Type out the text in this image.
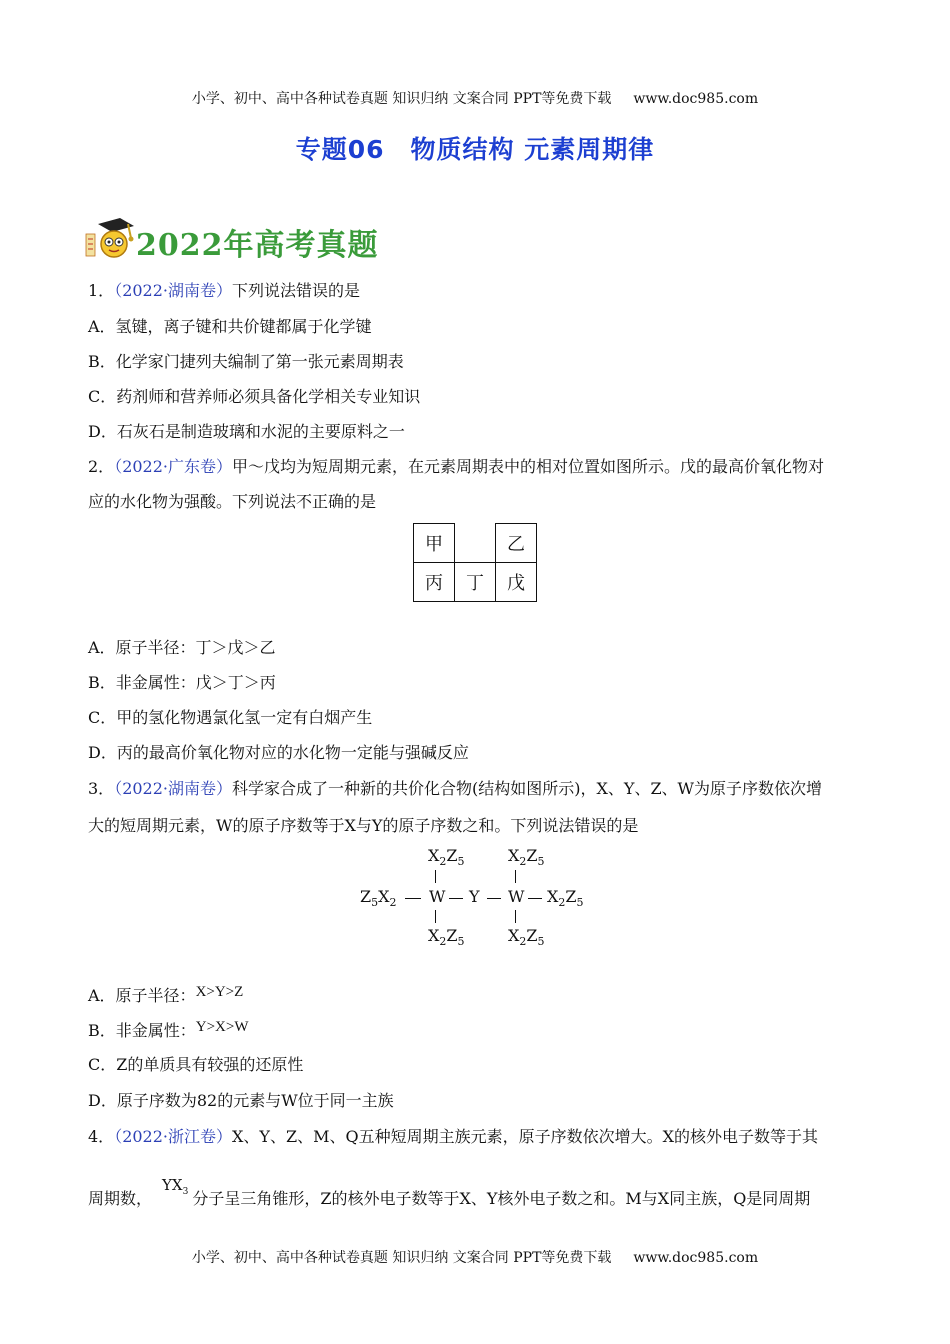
小学、初中、高中各种试卷真题 知识归纳 文案合同 PPT等免费下载 www.doc985.com
专题06　物质结构 元素周期律
2022年高考真题
1．（2022·湖南卷）下列说法错误的是
A．氢键，离子键和共价键都属于化学键
B．化学家门捷列夫编制了第一张元素周期表
C．药剂师和营养师必须具备化学相关专业知识
D．石灰石是制造玻璃和水泥的主要原料之一
2．（2022·广东卷）甲～戊均为短周期元素，在元素周期表中的相对位置如图所示。戊的最高价氧化物对
应的水化物为强酸。下列说法不正确的是
甲		乙
丙	丁	戊
A．原子半径：丁＞戊＞乙
B．非金属性：戊＞丁＞丙
C．甲的氢化物遇氯化氢一定有白烟产生
D．丙的最高价氧化物对应的水化物一定能与强碱反应
3．（2022·湖南卷）科学家合成了一种新的共价化合物(结构如图所示)，X、Y、Z、W为原子序数依次增
大的短周期元素，W的原子序数等于X与Y的原子序数之和。下列说法错误的是
$X_2Z_5$	$X_2Z_5$
$Z_5X_2$ W Y W $X_2Z_5$
$X_2Z_5$	$X_2Z_5$
A．原子半径：X>Y>Z
B．非金属性：Y>X>W
C．Z的单质具有较强的还原性
D．原子序数为82的元素与W位于同一主族
4．（2022·浙江卷）X、Y、Z、M、Q五种短周期主族元素，原子序数依次增大。X的核外电子数等于其
周期数，$YX_3$ 分子呈三角锥形，Z的核外电子数等于X、Y核外电子数之和。M与X同主族，Q是同周期
小学、初中、高中各种试卷真题 知识归纳 文案合同 PPT等免费下载 www.doc985.com
